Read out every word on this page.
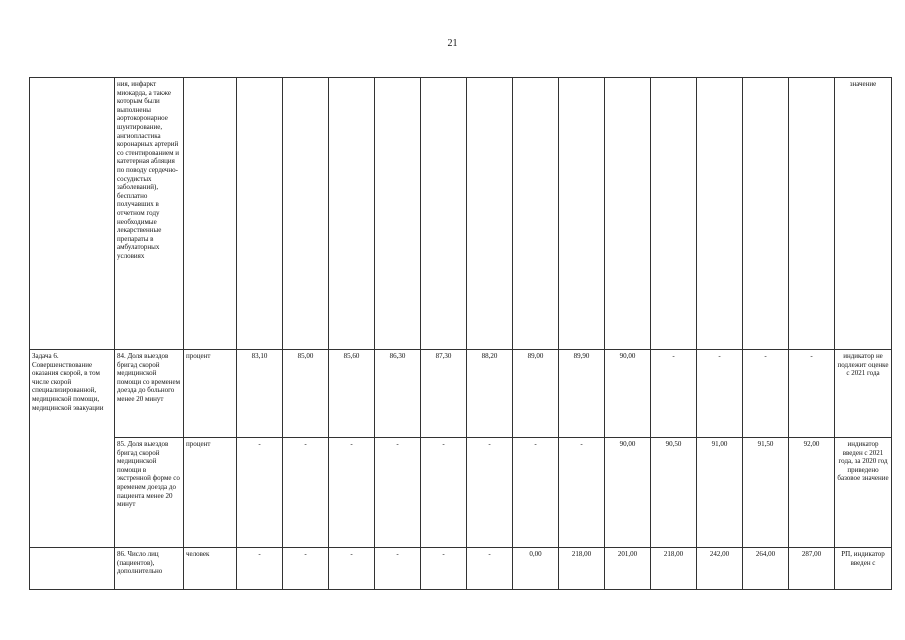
21
	ния, инфаркт миокарда, а также которым были выполнены аортокоронарное шунтирование, ангиопластика коронарных артерий со стентированием и катетерная абляция по поводу сердечно-сосудистых заболеваний), бесплатно получавших в отчетном году необходимые лекарственные препараты в амбулаторных условиях															значение
Задача 6. Совершенствование оказания скорой, в том числе скорой специализированной, медицинской помощи, медицинской эвакуации	84. Доля выездов бригад скорой медицинской помощи со временем доезда до больного менее 20 минут	процент	83,10	85,00	85,60	86,30	87,30	88,20	89,00	89,90	90,00	-	-	-	-	индикатор не подлежит оценке с 2021 года
	85. Доля выездов бригад скорой медицинской помощи в экстренной форме со временем доезда до пациента менее 20 минут	процент	-	-	-	-	-	-	-	-	90,00	90,50	91,00	91,50	92,00	индикатор введен с 2021 года, за 2020 год приведено базовое значение
	86. Число лиц (пациентов), дополнительно	человек	-	-	-	-	-	-	0,00	218,00	201,00	218,00	242,00	264,00	287,00	РП, индикатор введен с
